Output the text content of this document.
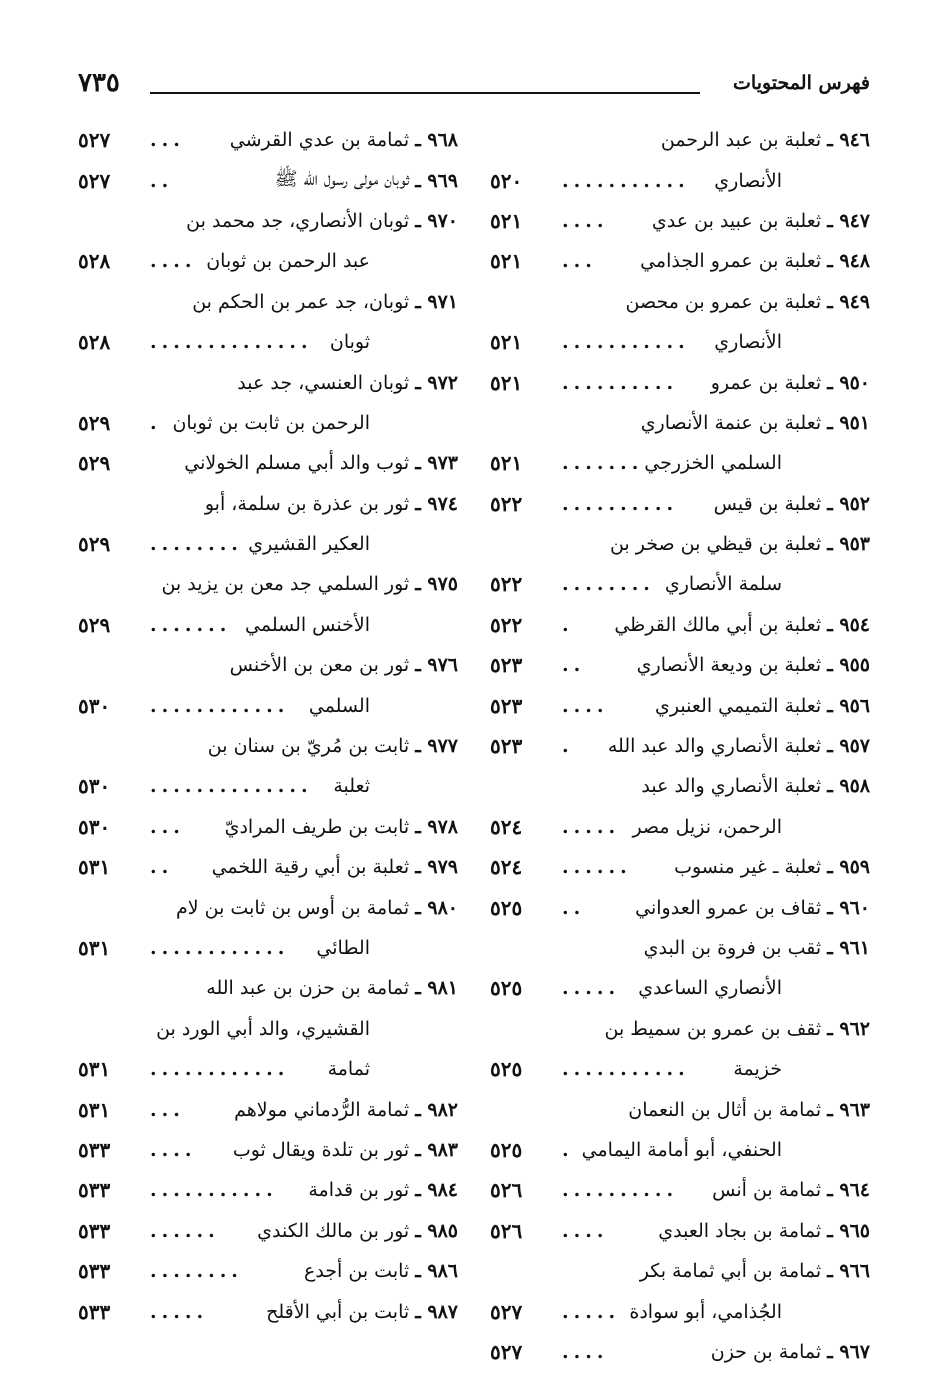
فهرس المحتويات
٧٣٥
٩٤٦ ـ
ثعلبة بن عبد الرحمن
الأنصاري
...........
٥٢٠
٩٤٧ ـ
ثعلبة بن عبيد بن عدي
....
٥٢١
٩٤٨ ـ
ثعلبة بن عمرو الجذامي
...
٥٢١
٩٤٩ ـ
ثعلبة بن عمرو بن محصن
الأنصاري
...........
٥٢١
٩٥٠ ـ
ثعلبة بن عمرو
..........
٥٢١
٩٥١ ـ
ثعلبة بن عنمة الأنصاري
السلمي الخزرجي
.......
٥٢١
٩٥٢ ـ
ثعلبة بن قيس
..........
٥٢٢
٩٥٣ ـ
ثعلبة بن قيظي بن صخر بن
سلمة الأنصاري
........
٥٢٢
٩٥٤ ـ
ثعلبة بن أبي مالك القرظي
.
٥٢٢
٩٥٥ ـ
ثعلبة بن وديعة الأنصاري
..
٥٢٣
٩٥٦ ـ
ثعلبة التميمي العنبري
....
٥٢٣
٩٥٧ ـ
ثعلبة الأنصاري والد عبد الله
.
٥٢٣
٩٥٨ ـ
ثعلبة الأنصاري والد عبد
الرحمن، نزيل مصر
.....
٥٢٤
٩٥٩ ـ
ثعلبة ـ غير منسوب
......
٥٢٤
٩٦٠ ـ
ثقاف بن عمرو العدواني
..
٥٢٥
٩٦١ ـ
ثقب بن فروة بن البدي
الأنصاري الساعدي
.....
٥٢٥
٩٦٢ ـ
ثقف بن عمرو بن سميط بن
خزيمة
...........
٥٢٥
٩٦٣ ـ
ثمامة بن أثال بن النعمان
الحنفي، أبو أمامة اليمامي
.
٥٢٥
٩٦٤ ـ
ثمامة بن أنس
..........
٥٢٦
٩٦٥ ـ
ثمامة بن بجاد العبدي
....
٥٢٦
٩٦٦ ـ
ثمامة بن أبي ثمامة بكر
الجُذامي، أبو سوادة
.....
٥٢٧
٩٦٧ ـ
ثمامة بن حزن
....
٥٢٧
٩٦٨ ـ
ثمامة بن عدي القرشي
...
٥٢٧
٩٦٩ ـ
ثوبان مولى رسول الله ﷺ
..
٥٢٧
٩٧٠ ـ
ثوبان الأنصاري، جد محمد بن
عبد الرحمن بن ثوبان
....
٥٢٨
٩٧١ ـ
ثوبان، جد عمر بن الحكم بن
ثوبان
..............
٥٢٨
٩٧٢ ـ
ثوبان العنسي، جد عبد
الرحمن بن ثابت بن ثوبان
.
٥٢٩
٩٧٣ ـ
ثوب والد أبي مسلم الخولاني
٥٢٩
٩٧٤ ـ
ثور بن عذرة بن سلمة، أبو
العكير القشيري
........
٥٢٩
٩٧٥ ـ
ثور السلمي جد معن بن يزيد بن
الأخنس السلمي
.......
٥٢٩
٩٧٦ ـ
ثور بن معن بن الأخنس
السلمي
............
٥٣٠
٩٧٧ ـ
ثابت بن مُريّ بن سنان بن
ثعلبة
..............
٥٣٠
٩٧٨ ـ
ثابت بن طريف المراديّ
...
٥٣٠
٩٧٩ ـ
ثعلبة بن أبي رقية اللخمي
..
٥٣١
٩٨٠ ـ
ثمامة بن أوس بن ثابت بن لام
الطائي
............
٥٣١
٩٨١ ـ
ثمامة بن حزن بن عبد الله
القشيري، والد أبي الورد بن
ثمامة
............
٥٣١
٩٨٢ ـ
ثمامة الرُّدماني مولاهم
...
٥٣١
٩٨٣ ـ
ثور بن تلدة ويقال ثوب
....
٥٣٣
٩٨٤ ـ
ثور بن قدامة
...........
٥٣٣
٩٨٥ ـ
ثور بن مالك الكندي
......
٥٣٣
٩٨٦ ـ
ثابت بن أجدع
........
٥٣٣
٩٨٧ ـ
ثابت بن أبي الأقلح
.....
٥٣٣
